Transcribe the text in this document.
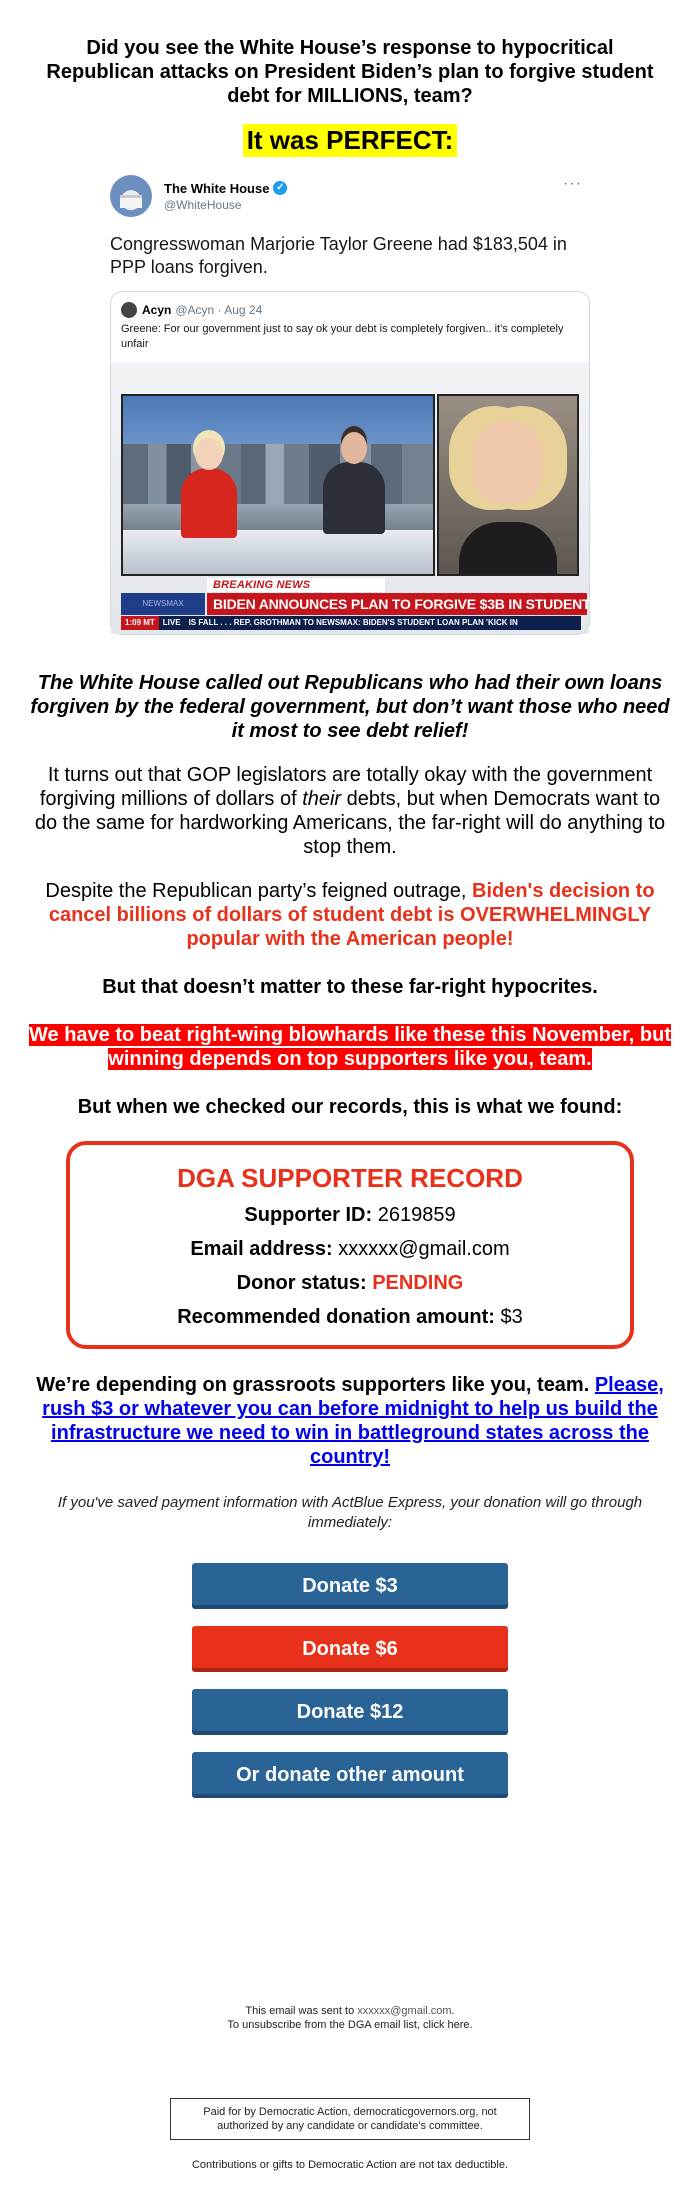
Did you see the White House’s response to hypocritical Republican attacks on President Biden’s plan to forgive student debt for MILLIONS, team?
It was PERFECT:
The White House ✓
@WhiteHouse
···
Congresswoman Marjorie Taylor Greene had $183,504 in PPP loans forgiven.
Acyn @Acyn · Aug 24
Greene: For our government just to say ok your debt is completely forgiven.. it’s completely unfair
BREAKING NEWS
NEWSMAX	BIDEN ANNOUNCES PLAN TO FORGIVE $3B IN STUDENT DEBT
1:09 MT LIVE IS FALL . . . REP. GROTHMAN TO NEWSMAX: BIDEN'S STUDENT LOAN PLAN 'KICK IN
The White House called out Republicans who had their own loans forgiven by the federal government, but don’t want those who need it most to see debt relief!
It turns out that GOP legislators are totally okay with the government forgiving millions of dollars of their debts, but when Democrats want to do the same for hardworking Americans, the far-right will do anything to stop them.
Despite the Republican party’s feigned outrage, Biden's decision to cancel billions of dollars of student debt is OVERWHELMINGLY popular with the American people!
But that doesn’t matter to these far-right hypocrites.
We have to beat right-wing blowhards like these this November, but winning depends on top supporters like you, team.
But when we checked our records, this is what we found:
DGA SUPPORTER RECORD
Supporter ID: 2619859
Email address: xxxxxx@gmail.com
Donor status: PENDING
Recommended donation amount: $3
We’re depending on grassroots supporters like you, team. Please, rush $3 or whatever you can before midnight to help us build the infrastructure we need to win in battleground states across the country!
If you've saved payment information with ActBlue Express, your donation will go through immediately:
Donate $3
Donate $6
Donate $12
Or donate other amount
This email was sent to xxxxxx@gmail.com.
To unsubscribe from the DGA email list, click here.
Paid for by Democratic Action, democraticgovernors.org, not authorized by any candidate or candidate's committee.
Contributions or gifts to Democratic Action are not tax deductible.
